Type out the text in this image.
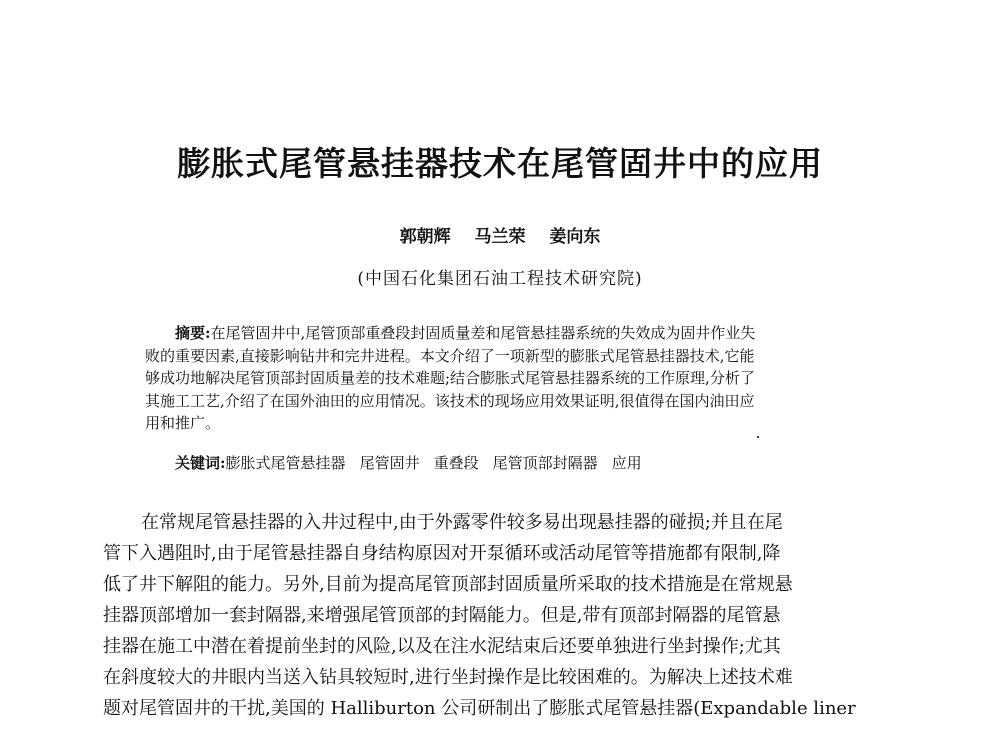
膨胀式尾管悬挂器技术在尾管固井中的应用
郭朝辉 马兰荣 姜向东
(中国石化集团石油工程技术研究院)
摘要:在尾管固井中,尾管顶部重叠段封固质量差和尾管悬挂器系统的失效成为固井作业失
败的重要因素,直接影响钻井和完井进程。本文介绍了一项新型的膨胀式尾管悬挂器技术,它能
够成功地解决尾管顶部封固质量差的技术难题;结合膨胀式尾管悬挂器系统的工作原理,分析了
其施工工艺,介绍了在国外油田的应用情况。该技术的现场应用效果证明,很值得在国内油田应
用和推广。
关键词:膨胀式尾管悬挂器 尾管固井 重叠段 尾管顶部封隔器 应用
在常规尾管悬挂器的入井过程中,由于外露零件较多易出现悬挂器的碰损;并且在尾
管下入遇阻时,由于尾管悬挂器自身结构原因对开泵循环或活动尾管等措施都有限制,降
低了井下解阻的能力。另外,目前为提高尾管顶部封固质量所采取的技术措施是在常规悬
挂器顶部增加一套封隔器,来增强尾管顶部的封隔能力。但是,带有顶部封隔器的尾管悬
挂器在施工中潜在着提前坐封的风险,以及在注水泥结束后还要单独进行坐封操作;尤其
在斜度较大的井眼内当送入钻具较短时,进行坐封操作是比较困难的。为解决上述技术难
题对尾管固井的干扰,美国的 Halliburton 公司研制出了膨胀式尾管悬挂器(Expandable liner
